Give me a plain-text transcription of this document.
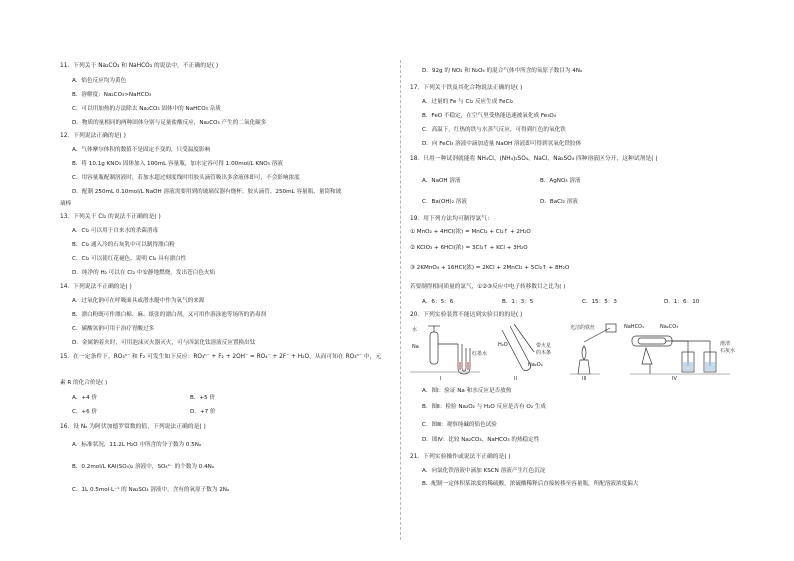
11．下列关于 Na₂CO₃ 和 NaHCO₃ 的说法中，不正确的是( )
A．焰色反应均为黄色
B．溶解度：Na₂CO₃>NaHCO₃
C．可以用加热的方法除去 Na₂CO₃ 固体中的 NaHCO₃ 杂质
D．物质的量相同的两种固体分别与足量盐酸反应，Na₂CO₃ 产生的二氧化碳多
12．下列说法正确的是( )
A．气体摩尔体积的数值不是固定不变的，只受温度影响
B．将 10.1g KNO₃ 固体加入 100mL 容量瓶，加水定容可得 1.00mol/L KNO₃ 溶液
C．用容量瓶配制溶液时，若加水超过刻度线时用胶头滴管吸出多余液体即可，不会影响浓度
D．配制 250mL 0.10mol/L NaOH 溶液需要用到的玻璃仪器有烧杯、胶头滴管、250mL 容量瓶、量筒和玻
璃棒
13．下列关于 Cl₂ 的说法不正确的是( )
A．Cl₂ 可以用于自来水的杀菌消毒
B．Cl₂ 通入冷的石灰乳中可以制得漂白粉
C．Cl₂ 可以使红花褪色，说明 Cl₂ 具有漂白性
D．纯净的 H₂ 可以在 Cl₂ 中安静地燃烧，发出苍白色火焰
14．下列说法不正确的是( )
A．过氧化钠可在呼吸面具或潜水艇中作为氧气的来源
B．漂白粉既可作漂白棉、麻、纸张的漂白剂，又可用作游泳池等场所的消毒剂
C．碳酸氢钠可用于治疗胃酸过多
D．金属钠着火时，可用泡沫灭火器灭火，可与四氯化钛溶液反应置换出钛
15．在一定条件下，RO₃ⁿ⁻ 和 F₂ 可发生如下反应：RO₃ⁿ⁻ + F₂ + 2OH⁻ = RO₄⁻ + 2F⁻ + H₂O，从而可知在 RO₃ⁿ⁻ 中，元
素 R 的化合价是( )
A．+4 价	B．+5 价
C．+6 价	D．+7 价
16．设 Nₐ 为阿伏加德罗常数的值，下列说法正确的是( )
A．标准状况，11.2L H₂O 中所含的分子数为 0.5Nₐ
B．0.2mol/L KAl(SO₄)₂ 溶液中，SO₄²⁻ 的个数为 0.4Nₐ
C．1L 0.5mol·L⁻¹ 的 Na₂SO₄ 溶液中，含有的氧原子数为 2Nₐ
D．92g 的 NO₂ 和 N₂O₄ 的混合气体中所含的氧原子数目为 4Nₐ
17．下列关于铁及其化合物说法正确的是( )
A．过量的 Fe 与 Cl₂ 反应生成 FeCl₂
B．FeO 不稳定，在空气里受热能迅速被氧化成 Fe₃O₄
C．高温下，红热的铁与水蒸气反应，可得到红色的氧化铁
D．向 FeCl₃ 溶液中滴加适量 NaOH 溶液即可得到氢氧化铁胶体
18．只用一种试剂就能将 NH₄Cl、(NH₄)₂SO₄、NaCl、Na₂SO₄ 四种溶液区分开，这种试剂是( )
A．NaOH 溶液	B．AgNO₃ 溶液
C．Ba(OH)₂ 溶液	D．BaCl₂ 溶液
19．用下列方法均可制得氯气：
① MnO₂ + 4HCl(浓) = MnCl₂ + Cl₂↑ + 2H₂O
② KClO₃ + 6HCl(浓) = 3Cl₂↑ + KCl + 3H₂O
③ 2KMnO₄ + 16HCl(浓) = 2KCl + 2MnCl₂ + 5Cl₂↑ + 8H₂O
若要制得相同质量的氯气，①②③反应中电子转移数目之比为( )
A．6：5：6	B．1：3：5	C．15：5：3	D．1：6：10
20．下列实验装置不能达到实验目的的是( )
水
Na
红墨水
H₂O	带火星
的木条
Na₂O₂
光洁的铁丝	NaHCO₃	Na₂CO₃
澄清
石灰水
I	II	III	IV
A．图Ⅰ：验证 Na 和水反应是否放热
B．图Ⅱ：检验 Na₂O₂ 与 H₂O 反应是否有 O₂ 生成
C．图Ⅲ：观察纯碱的焰色试验
D．图Ⅳ：比较 Na₂CO₃、NaHCO₃ 的热稳定性
21．下列实验操作或说法不正确的是( )
A．向氯化铁溶液中滴加 KSCN 溶液产生红色沉淀
B．配制一定体积某浓度的稀硫酸，浓硫酸稀释后直接转移至容量瓶，所配溶液浓度偏大
